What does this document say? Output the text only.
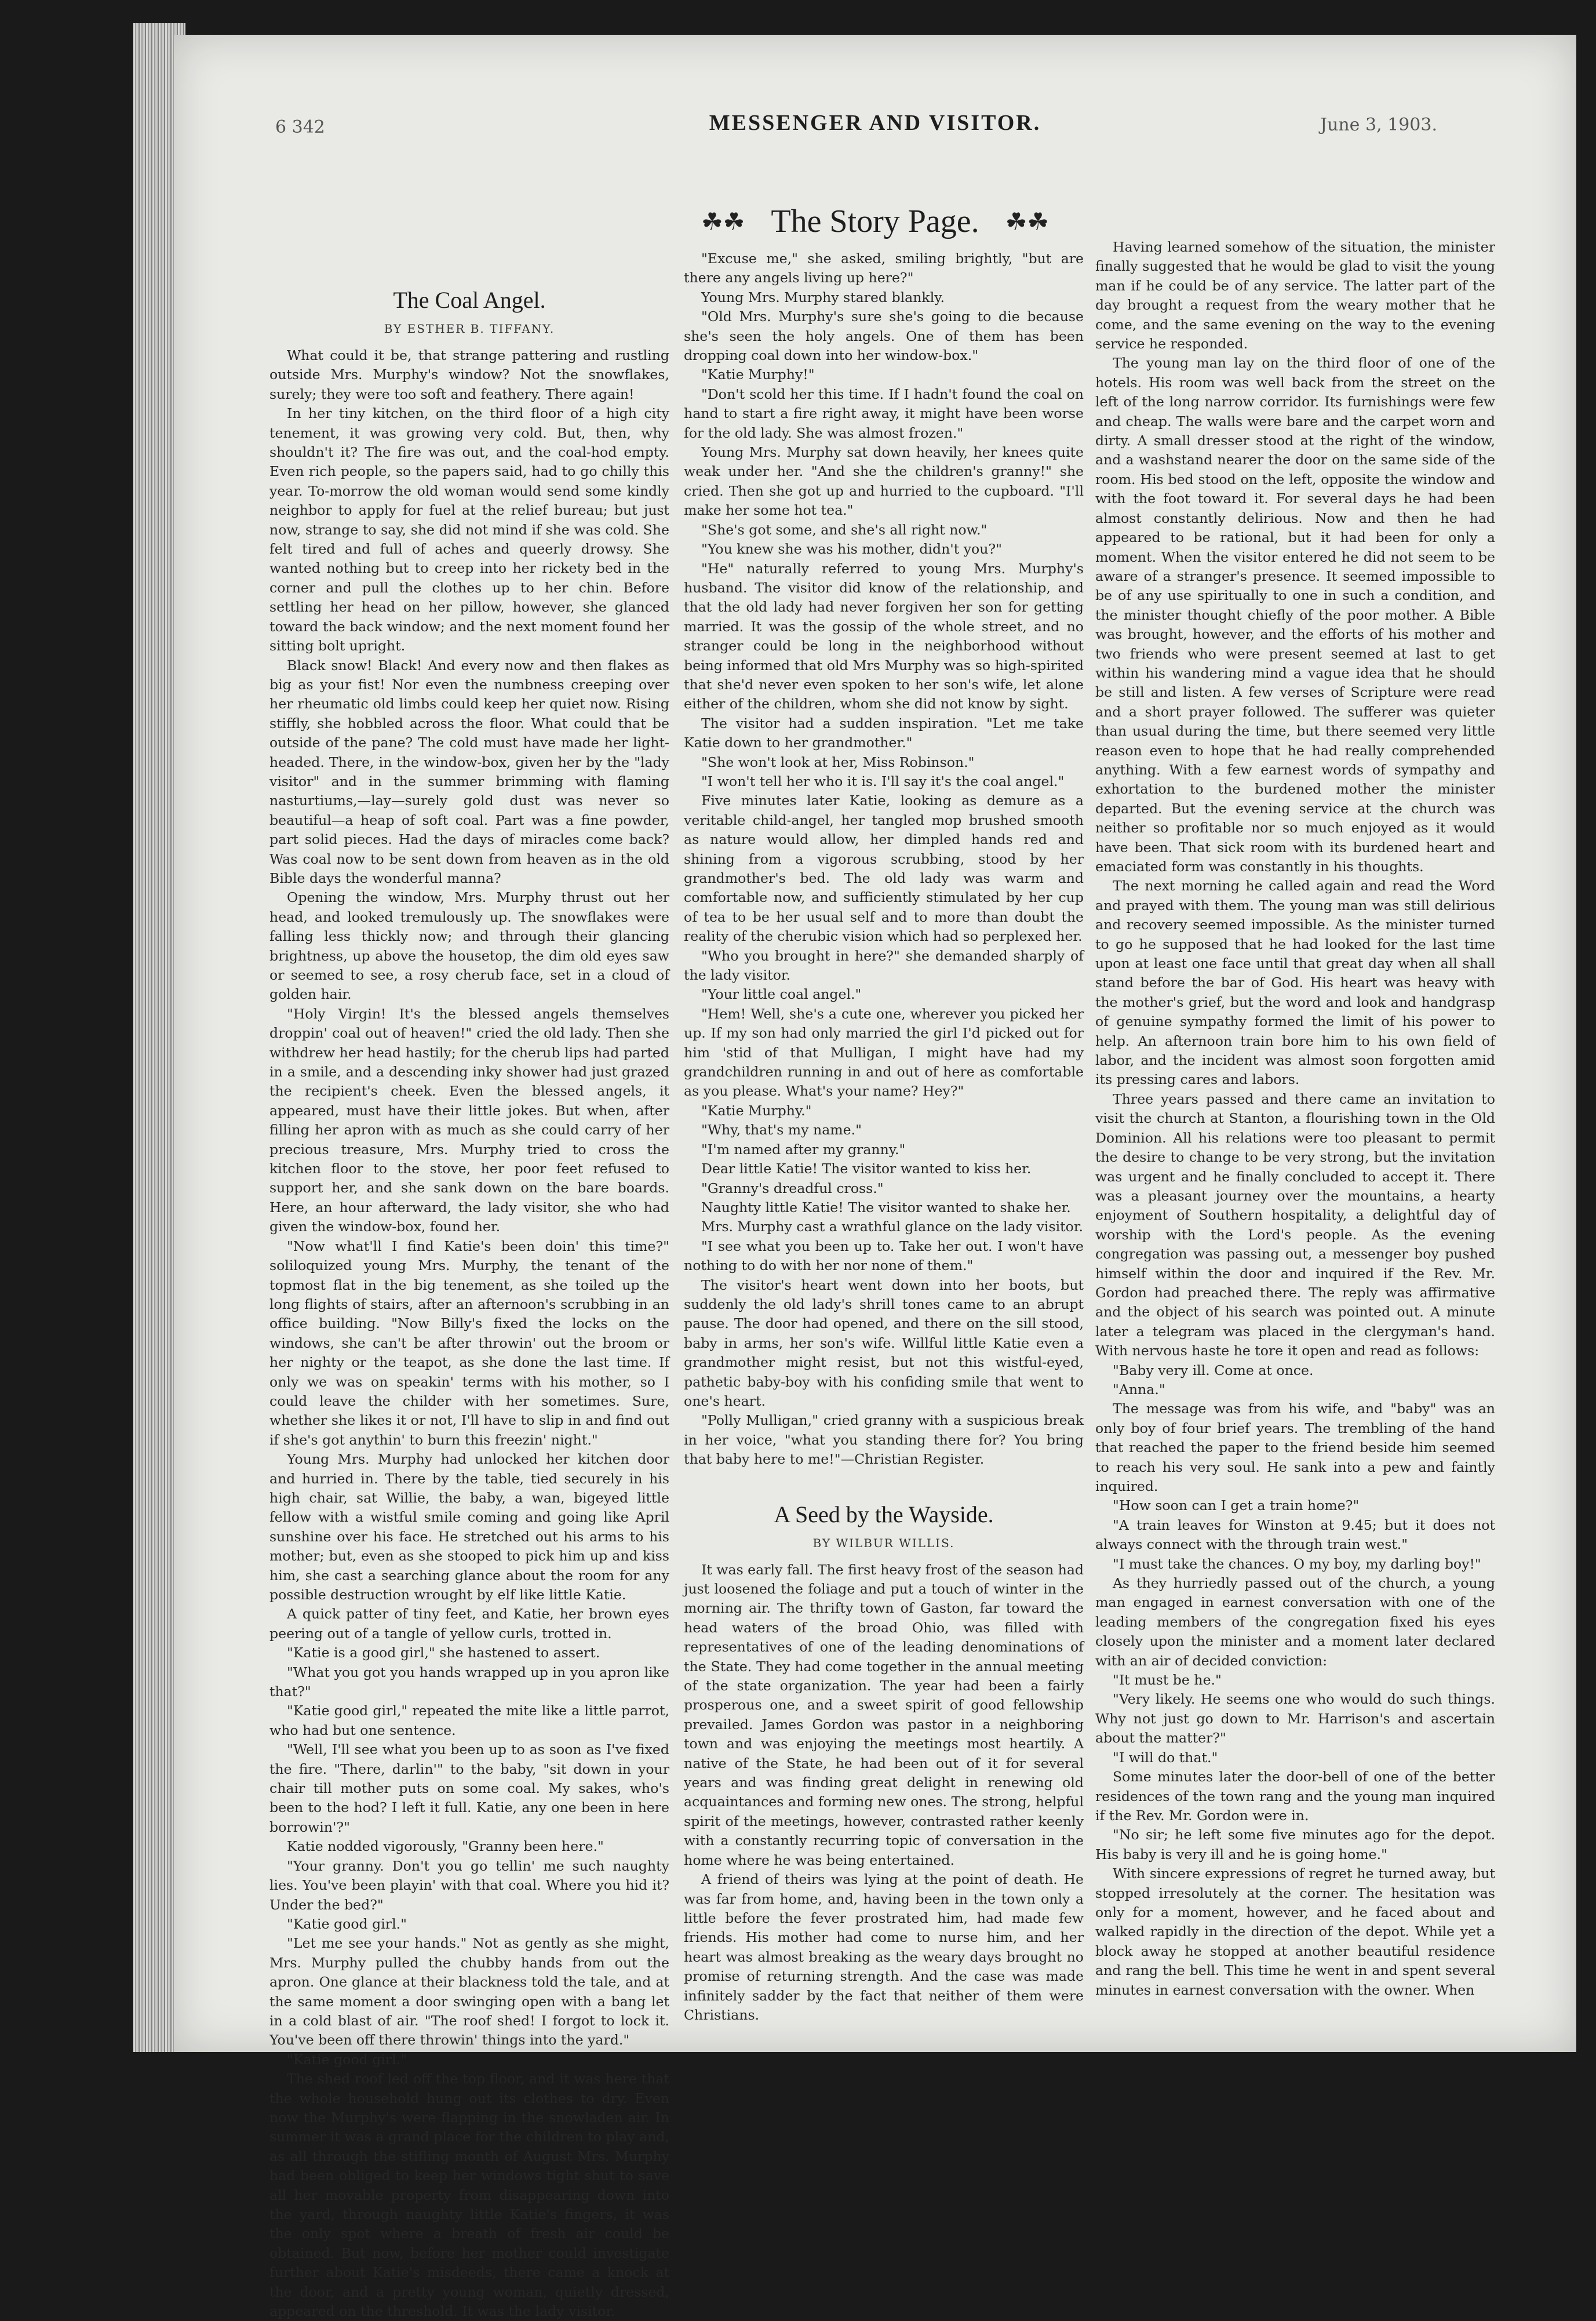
6 342	MESSENGER AND VISITOR.	June 3, 1903.
☘☘ The Story Page. ☘☘
The Coal Angel.
BY ESTHER B. TIFFANY.

What could it be, that strange pattering and rustling outside Mrs. Murphy's window? Not the snowflakes, surely; they were too soft and feathery. There again!

In her tiny kitchen, on the third floor of a high city tenement, it was growing very cold. But, then, why shouldn't it? The fire was out, and the coal-hod empty. Even rich people, so the papers said, had to go chilly this year. To-morrow the old woman would send some kindly neighbor to apply for fuel at the relief bureau; but just now, strange to say, she did not mind if she was cold. She felt tired and full of aches and queerly drowsy. She wanted nothing but to creep into her rickety bed in the corner and pull the clothes up to her chin. Before settling her head on her pillow, however, she glanced toward the back window; and the next moment found her sitting bolt upright.

Black snow! Black! And every now and then flakes as big as your fist! Nor even the numbness creeping over her rheumatic old limbs could keep her quiet now. Rising stiffly, she hobbled across the floor. What could that be outside of the pane? The cold must have made her light-headed. There, in the window-box, given her by the "lady visitor" and in the summer brimming with flaming nasturtiums,—lay—surely gold dust was never so beautiful—a heap of soft coal. Part was a fine powder, part solid pieces. Had the days of miracles come back? Was coal now to be sent down from heaven as in the old Bible days the wonderful manna?

Opening the window, Mrs. Murphy thrust out her head, and looked tremulously up. The snowflakes were falling less thickly now; and through their glancing brightness, up above the housetop, the dim old eyes saw or seemed to see, a rosy cherub face, set in a cloud of golden hair.

"Holy Virgin! It's the blessed angels themselves droppin' coal out of heaven!" cried the old lady. Then she withdrew her head hastily; for the cherub lips had parted in a smile, and a descending inky shower had just grazed the recipient's cheek. Even the blessed angels, it appeared, must have their little jokes. But when, after filling her apron with as much as she could carry of her precious treasure, Mrs. Murphy tried to cross the kitchen floor to the stove, her poor feet refused to support her, and she sank down on the bare boards. Here, an hour afterward, the lady visitor, she who had given the window-box, found her.

"Now what'll I find Katie's been doin' this time?" soliloquized young Mrs. Murphy, the tenant of the topmost flat in the big tenement, as she toiled up the long flights of stairs, after an afternoon's scrubbing in an office building. "Now Billy's fixed the locks on the windows, she can't be after throwin' out the broom or her nighty or the teapot, as she done the last time. If only we was on speakin' terms with his mother, so I could leave the childer with her sometimes. Sure, whether she likes it or not, I'll have to slip in and find out if she's got anythin' to burn this freezin' night."

Young Mrs. Murphy had unlocked her kitchen door and hurried in. There by the table, tied securely in his high chair, sat Willie, the baby, a wan, bigeyed little fellow with a wistful smile coming and going like April sunshine over his face. He stretched out his arms to his mother; but, even as she stooped to pick him up and kiss him, she cast a searching glance about the room for any possible destruction wrought by elf like little Katie.

A quick patter of tiny feet, and Katie, her brown eyes peering out of a tangle of yellow curls, trotted in.

"Katie is a good girl," she hastened to assert.

"What you got you hands wrapped up in you apron like that?"

"Katie good girl," repeated the mite like a little parrot, who had but one sentence.

"Well, I'll see what you been up to as soon as I've fixed the fire. "There, darlin'" to the baby, "sit down in your chair till mother puts on some coal. My sakes, who's been to the hod? I left it full. Katie, any one been in here borrowin'?"

Katie nodded vigorously, "Granny been here."

"Your granny. Don't you go tellin' me such naughty lies. You've been playin' with that coal. Where you hid it? Under the bed?"

"Katie good girl."

"Let me see your hands." Not as gently as she might, Mrs. Murphy pulled the chubby hands from out the apron. One glance at their blackness told the tale, and at the same moment a door swinging open with a bang let in a cold blast of air. "The roof shed! I forgot to lock it. You've been off there throwin' things into the yard."

"Katie good girl."

The shed roof led off the top floor, and it was here that the whole household hung out its clothes to dry. Even now the Murphy's were flapping in the snowladen air. In summer it was a grand place for the children to play and, as all through the stifling month of August Mrs. Murphy had been obliged to keep her windows tight shut to save all her movable property from disappearing down into the yard, through naughty little Katie's fingers, it was the only spot where a breath of fresh air could be obtained. But now, before her mother could investigate further about Katie's misdeeds, there came a knock at the door, and a pretty young woman, quietly dressed, appeared on the threshold. It was the lady visitor.

"Excuse me," she asked, smiling brightly, "but are there any angels living up here?"

Young Mrs. Murphy stared blankly.

"Old Mrs. Murphy's sure she's going to die because she's seen the holy angels. One of them has been dropping coal down into her window-box."

"Katie Murphy!"

"Don't scold her this time. If I hadn't found the coal on hand to start a fire right away, it might have been worse for the old lady. She was almost frozen."

Young Mrs. Murphy sat down heavily, her knees quite weak under her. "And she the children's granny!" she cried. Then she got up and hurried to the cupboard. "I'll make her some hot tea."

"She's got some, and she's all right now."

"You knew she was his mother, didn't you?"

"He" naturally referred to young Mrs. Murphy's husband. The visitor did know of the relationship, and that the old lady had never forgiven her son for getting married. It was the gossip of the whole street, and no stranger could be long in the neighborhood without being informed that old Mrs Murphy was so high-spirited that she'd never even spoken to her son's wife, let alone either of the children, whom she did not know by sight.

The visitor had a sudden inspiration. "Let me take Katie down to her grandmother."

"She won't look at her, Miss Robinson."

"I won't tell her who it is. I'll say it's the coal angel."

Five minutes later Katie, looking as demure as a veritable child-angel, her tangled mop brushed smooth as nature would allow, her dimpled hands red and shining from a vigorous scrubbing, stood by her grandmother's bed. The old lady was warm and comfortable now, and sufficiently stimulated by her cup of tea to be her usual self and to more than doubt the reality of the cherubic vision which had so perplexed her.

"Who you brought in here?" she demanded sharply of the lady visitor.

"Your little coal angel."

"Hem! Well, she's a cute one, wherever you picked her up. If my son had only married the girl I'd picked out for him 'stid of that Mulligan, I might have had my grandchildren running in and out of here as comfortable as you please. What's your name? Hey?"

"Katie Murphy."

"Why, that's my name."

"I'm named after my granny."

Dear little Katie! The visitor wanted to kiss her.

"Granny's dreadful cross."

Naughty little Katie! The visitor wanted to shake her.

Mrs. Murphy cast a wrathful glance on the lady visitor.

"I see what you been up to. Take her out. I won't have nothing to do with her nor none of them."

The visitor's heart went down into her boots, but suddenly the old lady's shrill tones came to an abrupt pause. The door had opened, and there on the sill stood, baby in arms, her son's wife. Willful little Katie even a grandmother might resist, but not this wistful-eyed, pathetic baby-boy with his confiding smile that went to one's heart.

"Polly Mulligan," cried granny with a suspicious break in her voice, "what you standing there for? You bring that baby here to me!"—Christian Register.

A Seed by the Wayside.
BY WILBUR WILLIS.

It was early fall. The first heavy frost of the season had just loosened the foliage and put a touch of winter in the morning air. The thrifty town of Gaston, far toward the head waters of the broad Ohio, was filled with representatives of one of the leading denominations of the State. They had come together in the annual meeting of the state organization. The year had been a fairly prosperous one, and a sweet spirit of good fellowship prevailed. James Gordon was pastor in a neighboring town and was enjoying the meetings most heartily. A native of the State, he had been out of it for several years and was finding great delight in renewing old acquaintances and forming new ones. The strong, helpful spirit of the meetings, however, contrasted rather keenly with a constantly recurring topic of conversation in the home where he was being entertained.

A friend of theirs was lying at the point of death. He was far from home, and, having been in the town only a little before the fever prostrated him, had made few friends. His mother had come to nurse him, and her heart was almost breaking as the weary days brought no promise of returning strength. And the case was made infinitely sadder by the fact that neither of them were Christians.

Having learned somehow of the situation, the minister finally suggested that he would be glad to visit the young man if he could be of any service. The latter part of the day brought a request from the weary mother that he come, and the same evening on the way to the evening service he responded.

The young man lay on the third floor of one of the hotels. His room was well back from the street on the left of the long narrow corridor. Its furnishings were few and cheap. The walls were bare and the carpet worn and dirty. A small dresser stood at the right of the window, and a washstand nearer the door on the same side of the room. His bed stood on the left, opposite the window and with the foot toward it. For several days he had been almost constantly delirious. Now and then he had appeared to be rational, but it had been for only a moment. When the visitor entered he did not seem to be aware of a stranger's presence. It seemed impossible to be of any use spiritually to one in such a condition, and the minister thought chiefly of the poor mother. A Bible was brought, however, and the efforts of his mother and two friends who were present seemed at last to get within his wandering mind a vague idea that he should be still and listen. A few verses of Scripture were read and a short prayer followed. The sufferer was quieter than usual during the time, but there seemed very little reason even to hope that he had really comprehended anything. With a few earnest words of sympathy and exhortation to the burdened mother the minister departed. But the evening service at the church was neither so profitable nor so much enjoyed as it would have been. That sick room with its burdened heart and emaciated form was constantly in his thoughts.

The next morning he called again and read the Word and prayed with them. The young man was still delirious and recovery seemed impossible. As the minister turned to go he supposed that he had looked for the last time upon at least one face until that great day when all shall stand before the bar of God. His heart was heavy with the mother's grief, but the word and look and handgrasp of genuine sympathy formed the limit of his power to help. An afternoon train bore him to his own field of labor, and the incident was almost soon forgotten amid its pressing cares and labors.

Three years passed and there came an invitation to visit the church at Stanton, a flourishing town in the Old Dominion. All his relations were too pleasant to permit the desire to change to be very strong, but the invitation was urgent and he finally concluded to accept it. There was a pleasant journey over the mountains, a hearty enjoyment of Southern hospitality, a delightful day of worship with the Lord's people. As the evening congregation was passing out, a messenger boy pushed himself within the door and inquired if the Rev. Mr. Gordon had preached there. The reply was affirmative and the object of his search was pointed out. A minute later a telegram was placed in the clergyman's hand. With nervous haste he tore it open and read as follows:

"Baby very ill. Come at once.

"Anna."

The message was from his wife, and "baby" was an only boy of four brief years. The trembling of the hand that reached the paper to the friend beside him seemed to reach his very soul. He sank into a pew and faintly inquired.

"How soon can I get a train home?"

"A train leaves for Winston at 9.45; but it does not always connect with the through train west."

"I must take the chances. O my boy, my darling boy!"

As they hurriedly passed out of the church, a young man engaged in earnest conversation with one of the leading members of the congregation fixed his eyes closely upon the minister and a moment later declared with an air of decided conviction:

"It must be he."

"Very likely. He seems one who would do such things. Why not just go down to Mr. Harrison's and ascertain about the matter?"

"I will do that."

Some minutes later the door-bell of one of the better residences of the town rang and the young man inquired if the Rev. Mr. Gordon were in.

"No sir; he left some five minutes ago for the depot. His baby is very ill and he is going home."

With sincere expressions of regret he turned away, but stopped irresolutely at the corner. The hesitation was only for a moment, however, and he faced about and walked rapidly in the direction of the depot. While yet a block away he stopped at another beautiful residence and rang the bell. This time he went in and spent several minutes in earnest conversation with the owner. When
